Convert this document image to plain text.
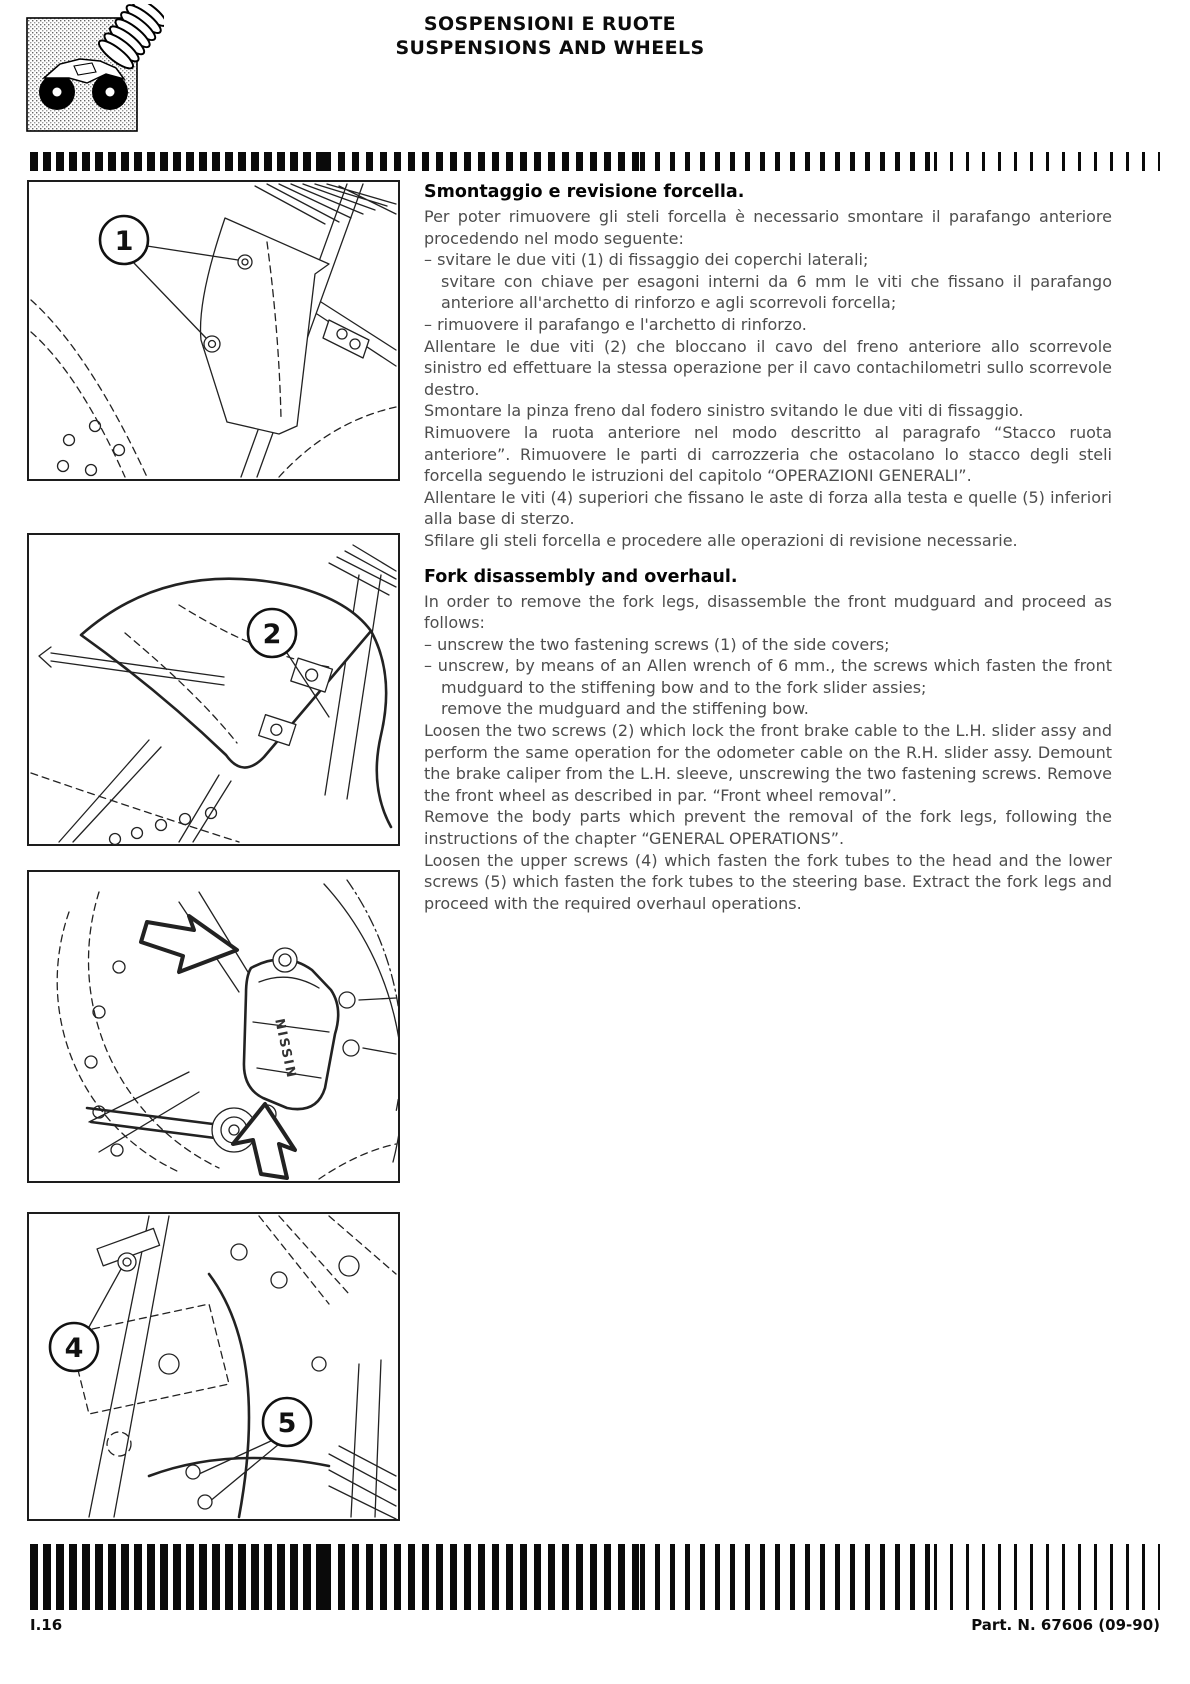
SOSPENSIONI E RUOTE
SUSPENSIONS AND WHEELS
1
2
NISSIN
4
5
Smontaggio e revisione forcella.

Per poter rimuovere gli steli forcella è necessario smontare il parafango anteriore procedendo nel modo seguente:

– svitare le due viti (1) di fissaggio dei coperchi laterali;

svitare con chiave per esagoni interni da 6 mm le viti che fissano il parafango anteriore all'archetto di rinforzo e agli scorrevoli forcella;

– rimuovere il parafango e l'archetto di rinforzo.

Allentare le due viti (2) che bloccano il cavo del freno anteriore allo scorrevole sinistro ed effettuare la stessa operazione per il cavo contachilometri sullo scorrevole destro.

Smontare la pinza freno dal fodero sinistro svitando le due viti di fissaggio.

Rimuovere la ruota anteriore nel modo descritto al paragrafo “Stacco ruota anteriore”. Rimuovere le parti di carrozzeria che ostacolano lo stacco degli steli forcella seguendo le istruzioni del capitolo “OPERAZIONI GENERALI”.

Allentare le viti (4) superiori che fissano le aste di forza alla testa e quelle (5) inferiori alla base di sterzo.

Sfilare gli steli forcella e procedere alle operazioni di revisione necessarie.

Fork disassembly and overhaul.

In order to remove the fork legs, disassemble the front mudguard and proceed as follows:

– unscrew the two fastening screws (1) of the side covers;

– unscrew, by means of an Allen wrench of 6 mm., the screws which fasten the front mudguard to the stiffening bow and to the fork slider assies;

remove the mudguard and the stiffening bow.

Loosen the two screws (2) which lock the front brake cable to the L.H. slider assy and perform the same operation for the odometer cable on the R.H. slider assy. Demount the brake caliper from the L.H. sleeve, unscrewing the two fastening screws. Remove the front wheel as described in par. “Front wheel removal”.

Remove the body parts which prevent the removal of the fork legs, following the instructions of the chapter “GENERAL OPERATIONS”.

Loosen the upper screws (4) which fasten the fork tubes to the head and the lower screws (5) which fasten the fork tubes to the steering base. Extract the fork legs and proceed with the required overhaul operations.

I.16	Part. N. 67606 (09-90)
